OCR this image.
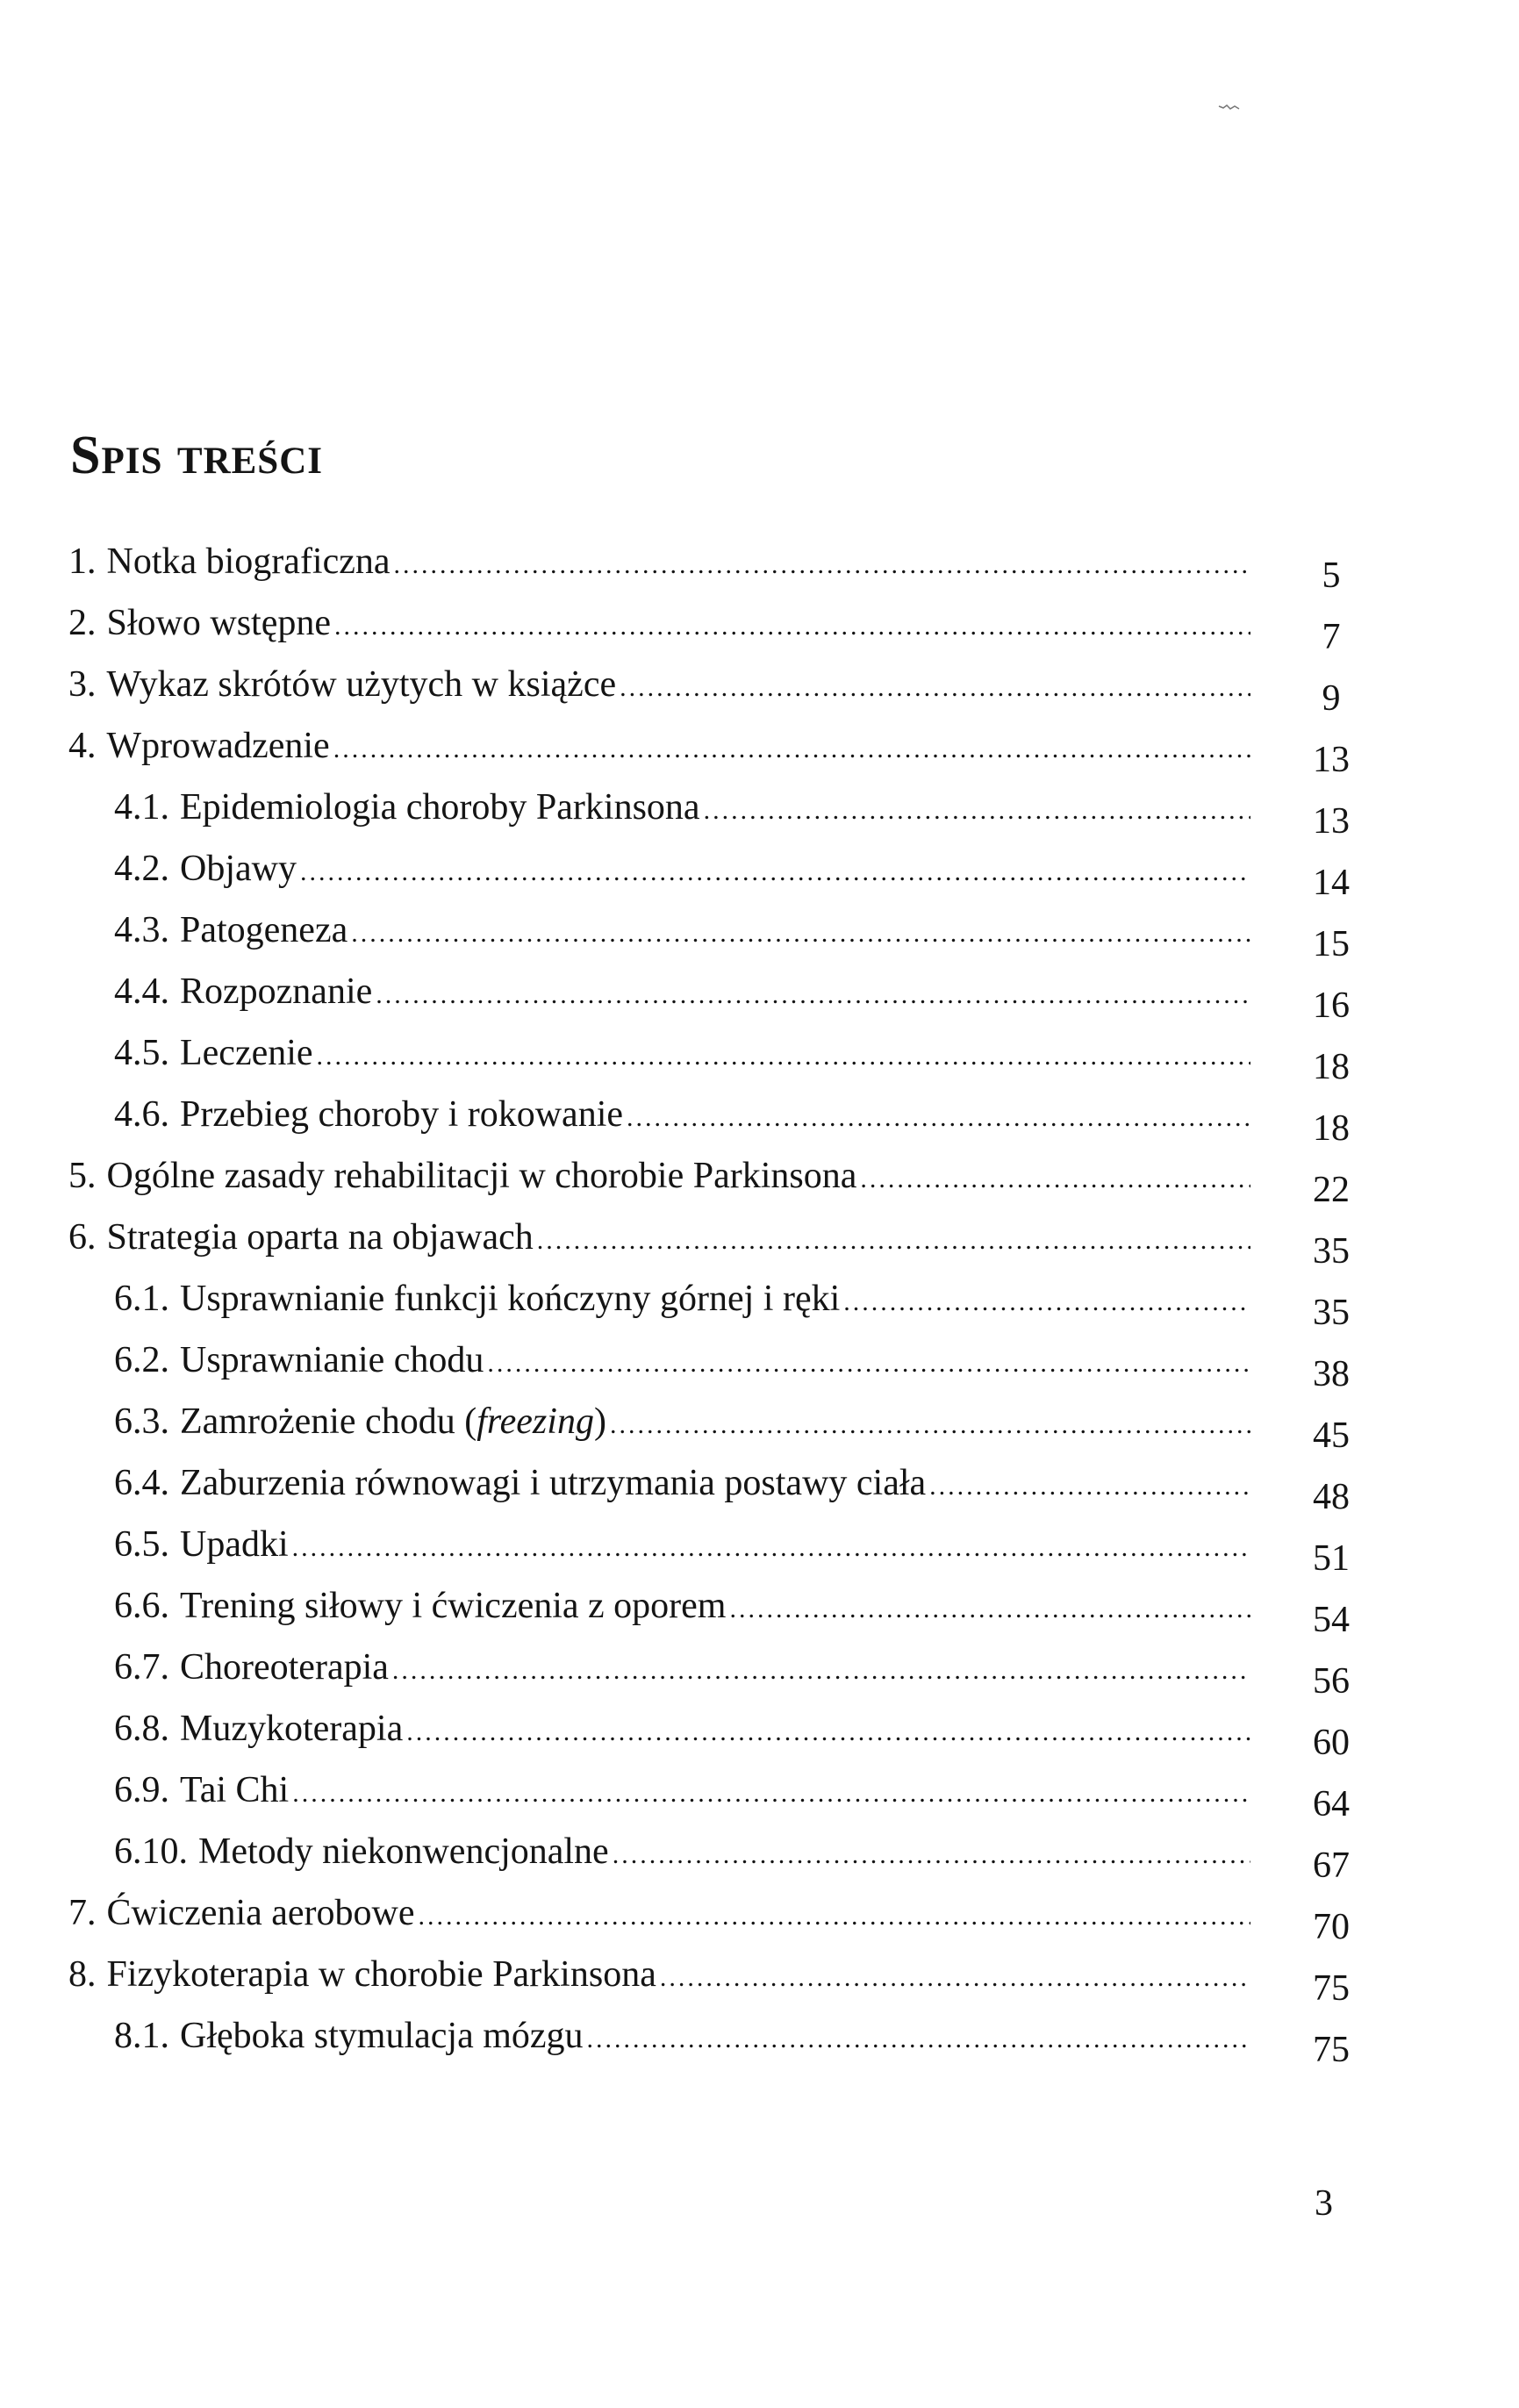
Spis treści
1. Notka biograficzna .....	5
2. Słowo wstępne .....	7
3. Wykaz skrótów użytych w książce .....	9
4. Wprowadzenie .....	13
4.1. Epidemiologia choroby Parkinsona .....	13
4.2. Objawy .....	14
4.3. Patogeneza .....	15
4.4. Rozpoznanie .....	16
4.5. Leczenie .....	18
4.6. Przebieg choroby i rokowanie .....	18
5. Ogólne zasady rehabilitacji w chorobie Parkinsona .....	22
6. Strategia oparta na objawach .....	35
6.1. Usprawnianie funkcji kończyny górnej i ręki .....	35
6.2. Usprawnianie chodu .....	38
6.3. Zamrożenie chodu (freezing) .....	45
6.4. Zaburzenia równowagi i utrzymania postawy ciała .....	48
6.5. Upadki .....	51
6.6. Trening siłowy i ćwiczenia z oporem .....	54
6.7. Choreoterapia .....	56
6.8. Muzykoterapia .....	60
6.9. Tai Chi .....	64
6.10. Metody niekonwencjonalne .....	67
7. Ćwiczenia aerobowe .....	70
8. Fizykoterapia w chorobie Parkinsona .....	75
8.1. Głęboka stymulacja mózgu .....	75
3
